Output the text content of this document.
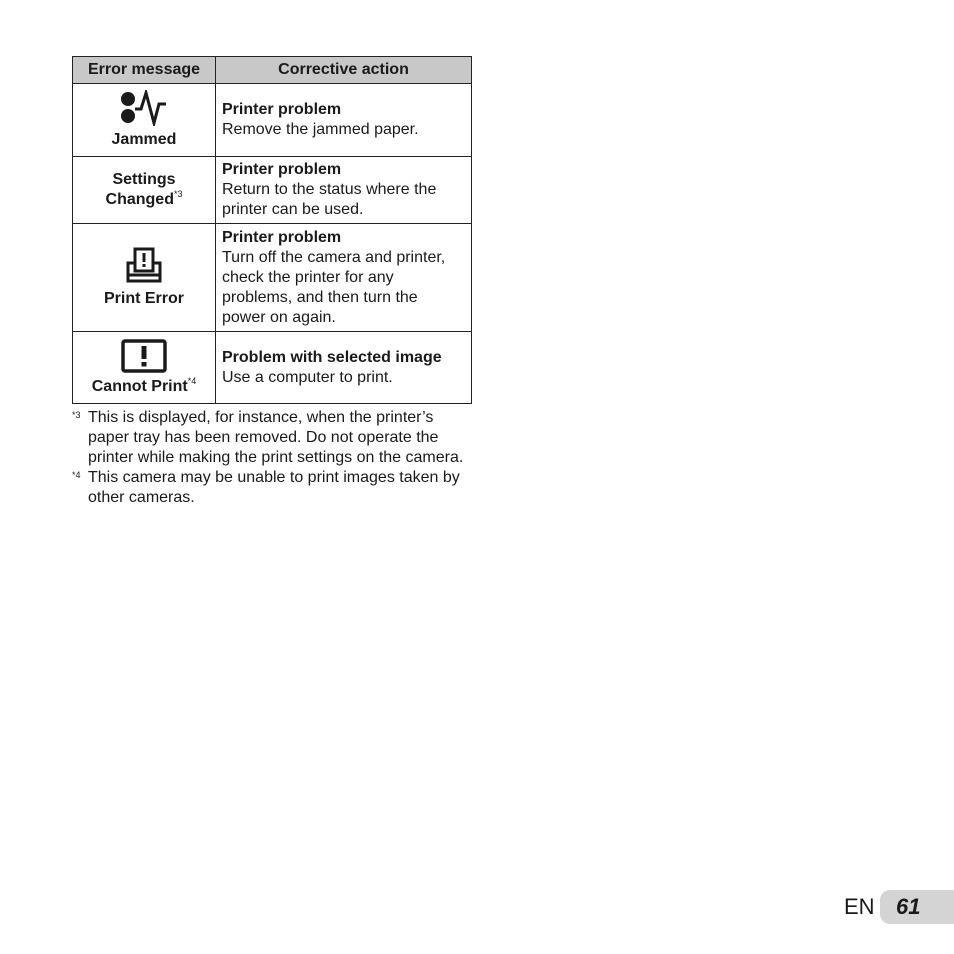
Error message	Corrective action

Jammed	Printer problem
Remove the jammed paper.

Settings
Changed$^{*3}$	Printer problem
Return to the status where the printer can be used.

Print Error	Printer problem
Turn off the camera and printer, check the printer for any problems, and then turn the power on again.

Cannot Print$^{*4}$	Problem with selected image
Use a computer to print.
*3 This is displayed, for instance, when the printer’s paper tray has been removed. Do not operate the printer while making the print settings on the camera.
*4 This camera may be unable to print images taken by other cameras.
EN 61
